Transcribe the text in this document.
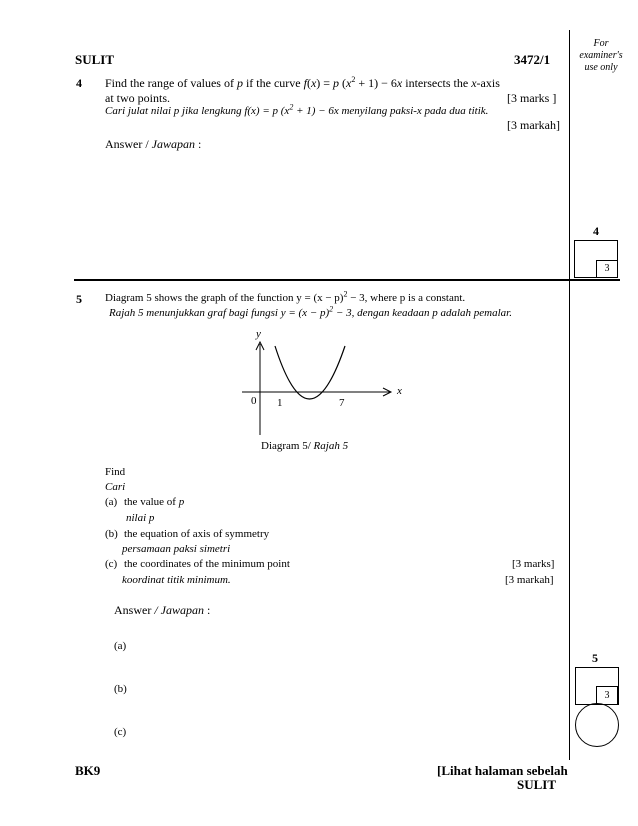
For
examiner's
use only
SULIT	3472/1
4 Find the range of values of p if the curve f(x) = p $(x^2 + 1) - 6x$ intersects the x-axis
at two points.	[3 marks ]
Cari julat nilai p jika lengkung f(x) = p $(x^2 + 1) - 6x$ menyilang paksi-x pada dua titik.
[3 markah]
Answer / Jawapan :
4
3
5 Diagram 5 shows the graph of the function $y = (x - p)^2 - 3$, where p is a constant.
Rajah 5 menunjukkan graf bagi fungsi $y = (x - p)^2 - 3$, dengan keadaan p adalah pemalar.
y
x
0 1	7
Diagram 5/ Rajah 5
Find
Cari
(a) the value of p
nilai p
(b) the equation of axis of symmetry
persamaan paksi simetri
(c) the coordinates of the minimum point	[3 marks]
koordinat titik minimum.	[3 markah]
Answer / Jawapan :
(a)
(b)
(c)
5
3
BK9	[Lihat halaman sebelah
SULIT
